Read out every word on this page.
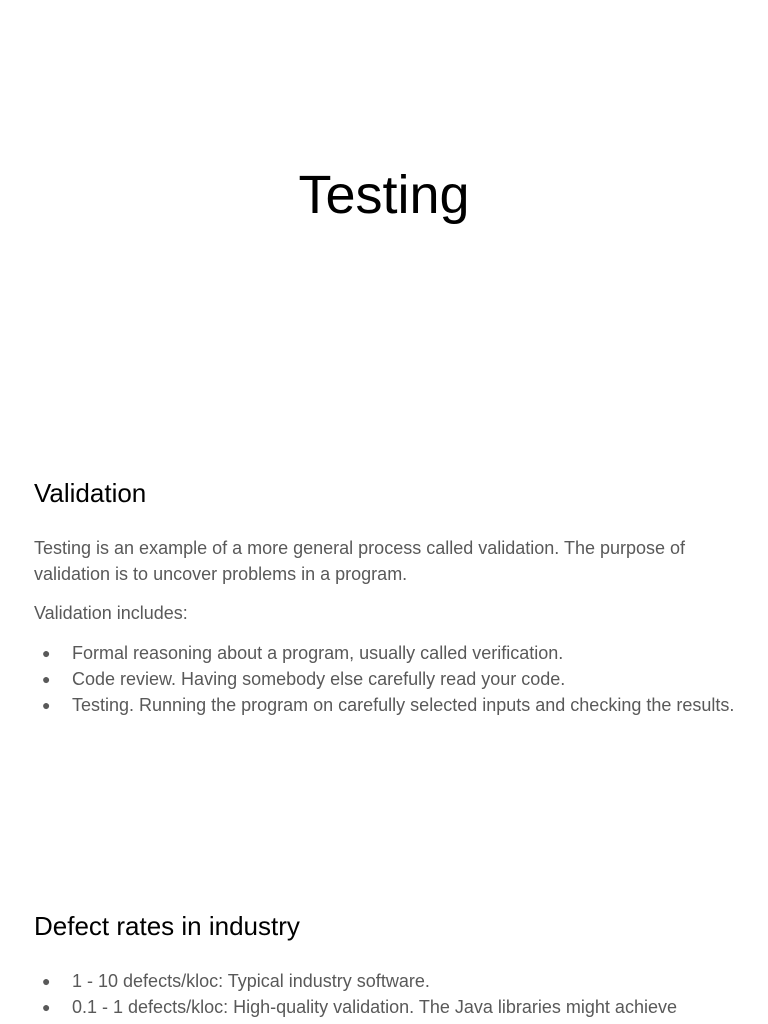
Testing
Validation

Testing is an example of a more general process called validation. The purpose of validation is to uncover problems in a program.

Validation includes:

● Formal reasoning about a program, usually called verification.
● Code review. Having somebody else carefully read your code.
● Testing. Running the program on carefully selected inputs and checking the results.
Defect rates in industry
● 1 - 10 defects/kloc: Typical industry software.
● 0.1 - 1 defects/kloc: High-quality validation. The Java libraries might achieve
